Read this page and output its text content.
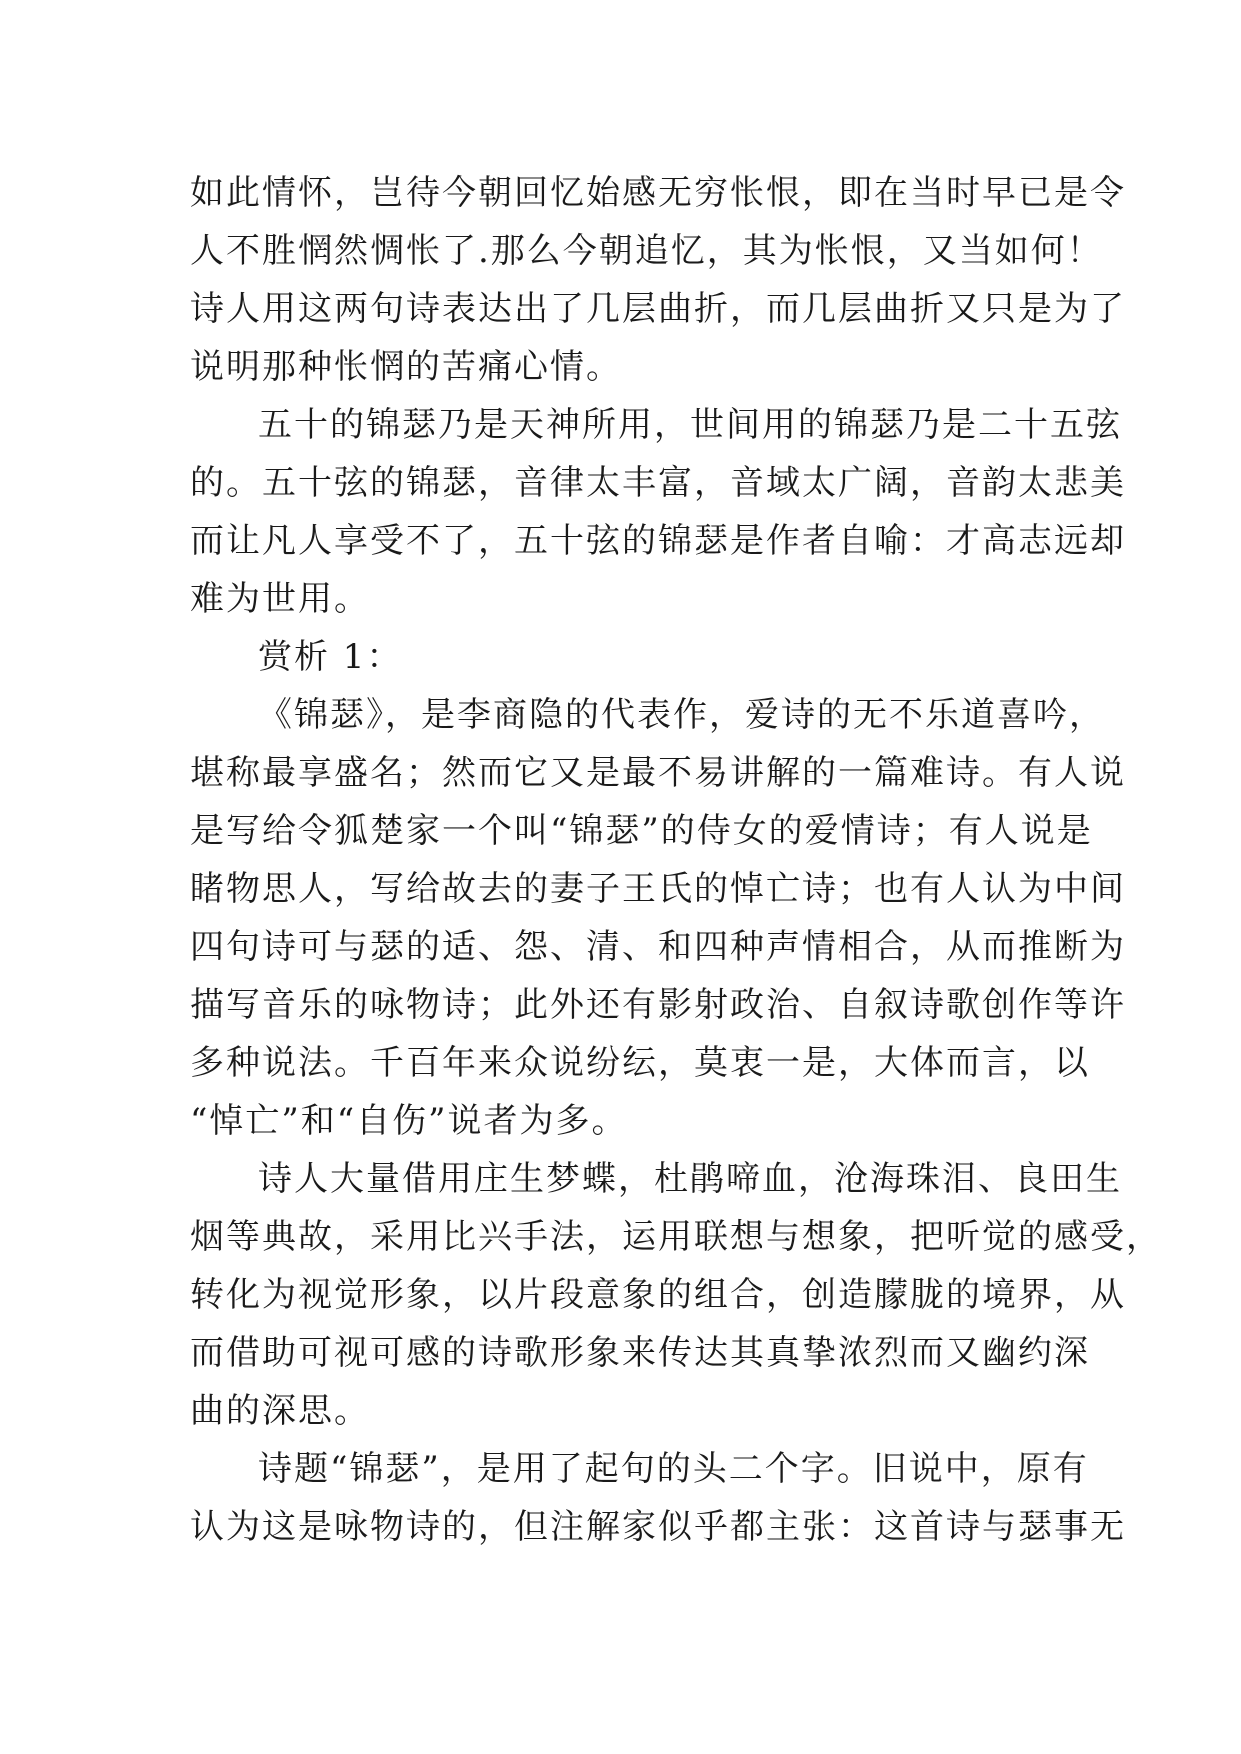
如此情怀，岂待今朝回忆始感无穷怅恨，即在当时早已是令
人不胜惘然惆怅了.那么今朝追忆，其为怅恨，又当如何！
诗人用这两句诗表达出了几层曲折，而几层曲折又只是为了
说明那种怅惘的苦痛心情。
五十的锦瑟乃是天神所用，世间用的锦瑟乃是二十五弦
的。五十弦的锦瑟，音律太丰富，音域太广阔，音韵太悲美
而让凡人享受不了，五十弦的锦瑟是作者自喻：才高志远却
难为世用。
赏析 1：
《锦瑟》，是李商隐的代表作，爱诗的无不乐道喜吟，
堪称最享盛名；然而它又是最不易讲解的一篇难诗。有人说
是写给令狐楚家一个叫“锦瑟”的侍女的爱情诗；有人说是
睹物思人，写给故去的妻子王氏的悼亡诗；也有人认为中间
四句诗可与瑟的适、怨、清、和四种声情相合，从而推断为
描写音乐的咏物诗；此外还有影射政治、自叙诗歌创作等许
多种说法。千百年来众说纷纭，莫衷一是，大体而言，以
“悼亡”和“自伤”说者为多。
诗人大量借用庄生梦蝶，杜鹃啼血，沧海珠泪、良田生
烟等典故，采用比兴手法，运用联想与想象，把听觉的感受，
转化为视觉形象，以片段意象的组合，创造朦胧的境界，从
而借助可视可感的诗歌形象来传达其真挚浓烈而又幽约深
曲的深思。
诗题“锦瑟”，是用了起句的头二个字。旧说中，原有
认为这是咏物诗的，但注解家似乎都主张：这首诗与瑟事无
